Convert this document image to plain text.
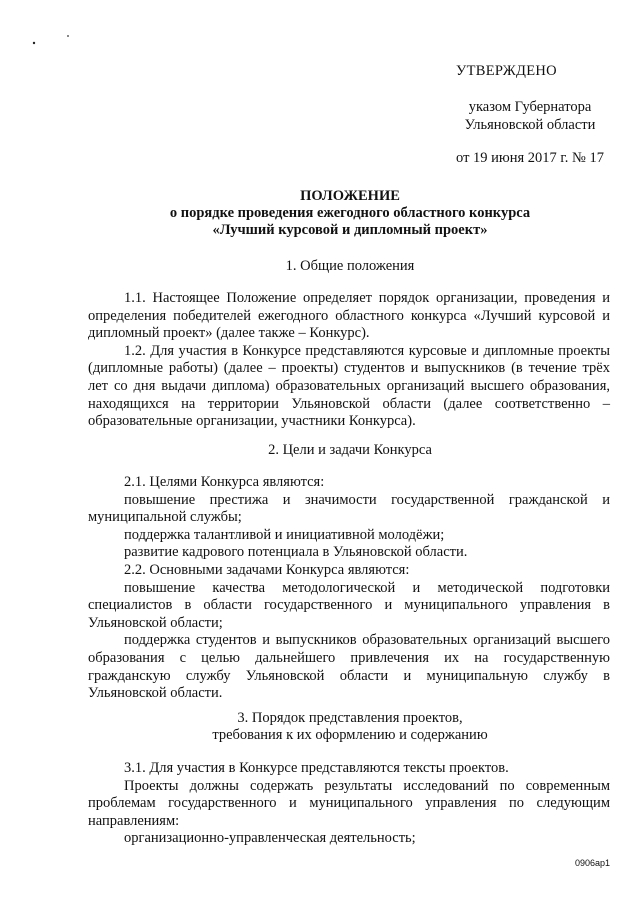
УТВЕРЖДЕНО
указом Губернатора
Ульяновской области
от 19 июня 2017 г. № 17
ПОЛОЖЕНИЕ
о порядке проведения ежегодного областного конкурса
«Лучший курсовой и дипломный проект»
1. Общие положения

1.1. Настоящее Положение определяет порядок организации, проведения и определения победителей ежегодного областного конкурса «Лучший курсовой и дипломный проект» (далее также – Конкурс).

1.2. Для участия в Конкурсе представляются курсовые и дипломные проекты (дипломные работы) (далее – проекты) студентов и выпускников (в течение трёх лет со дня выдачи диплома) образовательных организаций высшего образования, находящихся на территории Ульяновской области (далее соответственно – образовательные организации, участники Конкурса).

2. Цели и задачи Конкурса

2.1. Целями Конкурса являются:

повышение престижа и значимости государственной гражданской и муниципальной службы;

поддержка талантливой и инициативной молодёжи;

развитие кадрового потенциала в Ульяновской области.

2.2. Основными задачами Конкурса являются:

повышение качества методологической и методической подготовки специалистов в области государственного и муниципального управления в Ульяновской области;

поддержка студентов и выпускников образовательных организаций высшего образования с целью дальнейшего привлечения их на государственную гражданскую службу Ульяновской области и муниципальную службу в Ульяновской области.

3. Порядок представления проектов,
требования к их оформлению и содержанию

3.1. Для участия в Конкурсе представляются тексты проектов.

Проекты должны содержать результаты исследований по современным проблемам государственного и муниципального управления по следующим направлениям:

организационно-управленческая деятельность;

0906ар1
